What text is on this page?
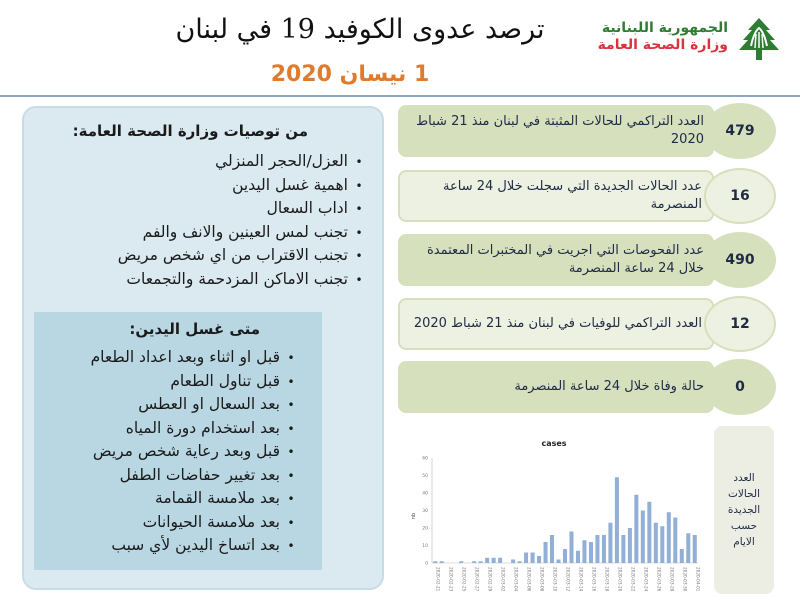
الجمهورية اللبنانية
وزارة الصحة العامة
ترصد عدوى الكوفيد 19 في لبنان
1 نيسان 2020
من توصيات وزارة الصحة العامة:
• العزل/الحجر المنزلي
• اهمية غسل اليدين
• اداب السعال
• تجنب لمس العينين والانف والفم
• تجنب الاقتراب من اي شخص مريض
• تجنب الاماكن المزدحمة والتجمعات
متى غسل اليدين:
• قبل او اثناء وبعد اعداد الطعام
• قبل تناول الطعام
• بعد السعال او العطس
• بعد استخدام دورة المياه
• قبل وبعد رعاية شخص مريض
• بعد تغيير حفاضات الطفل
• بعد ملامسة القمامة
• بعد ملامسة الحيوانات
• بعد اتساخ اليدين لأي سبب
العدد التراكمي للحالات المثبتة في لبنان منذ 21 شباط 2020
479
عدد الحالات الجديدة التي سجلت خلال 24 ساعة المنصرمة
16
عدد الفحوصات التي اجريت في المختبرات المعتمدة خلال 24 ساعة المنصرمة
490
العدد التراكمي للوفيات في لبنان منذ 21 شباط 2020	12
حالة وفاة خلال 24 ساعة المنصرمة	0
cases
nb
0
10
20
30
40
50
60
2020-02-21 2020-02-23 2020-02-25 2020-02-27 2020-02-29 2020-03-02 2020-03-04 2020-03-06 2020-03-08 2020-03-10 2020-03-12 2020-03-14 2020-03-16 2020-03-18 2020-03-20 2020-03-22 2020-03-24 2020-03-26 2020-03-28 2020-03-30 2020-04-01
العدد الحالات الجديدة حسب الايام
